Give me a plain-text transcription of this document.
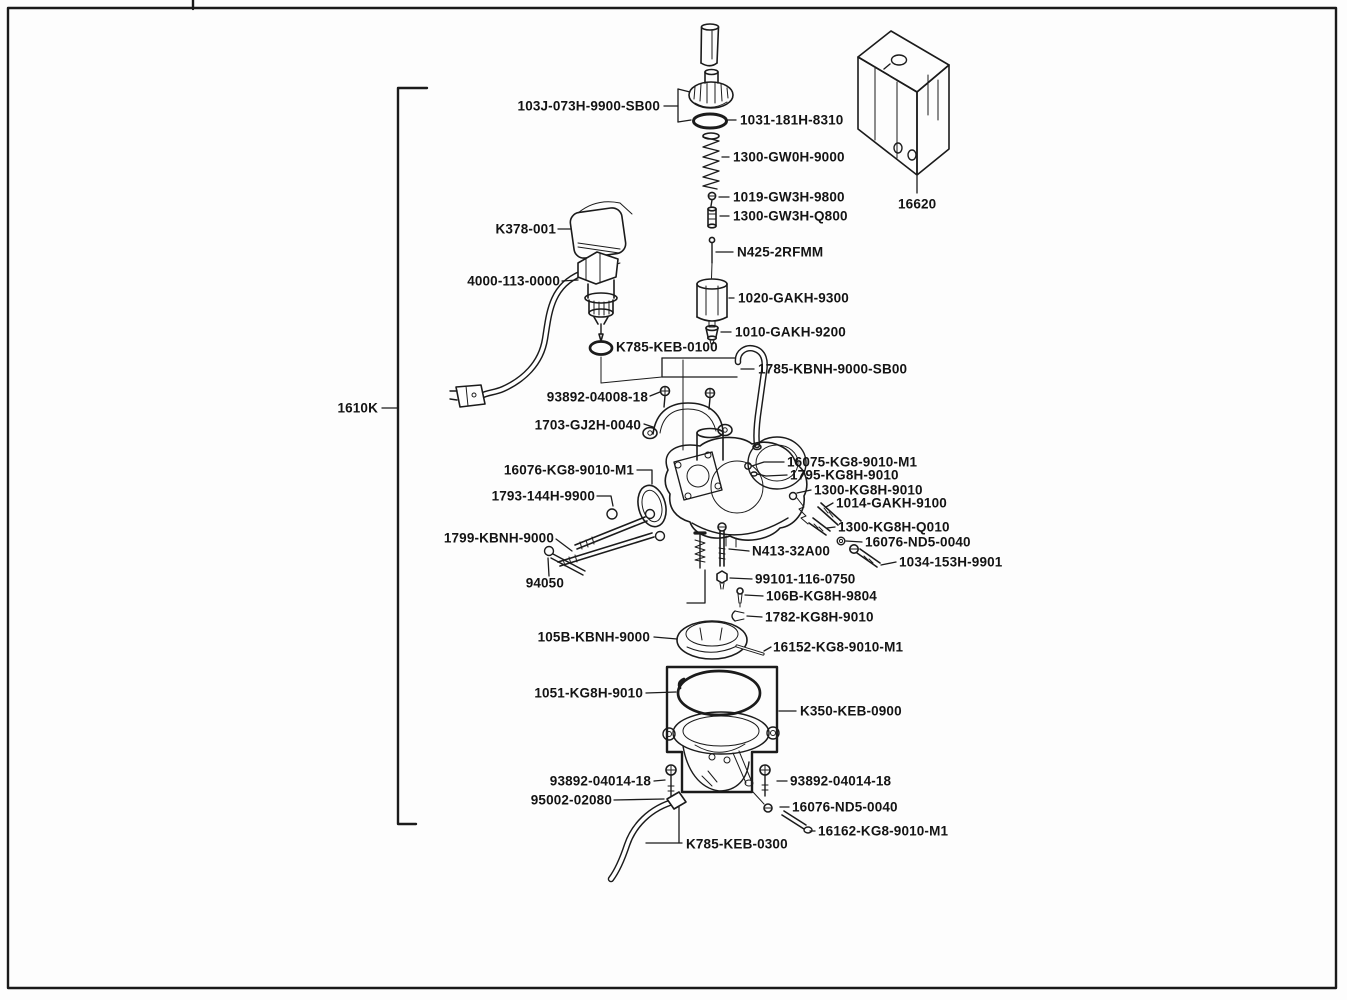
1610K
103J-073H-9900-SB00
1031-181H-8310
1300-GW0H-9000
1019-GW3H-9800
1300-GW3H-Q800
N425-2RFMM
1020-GAKH-9300
1010-GAKH-9200
K378-001
4000-113-0000
K785-KEB-0100
1785-KBNH-9000-SB00
93892-04008-18
1703-GJ2H-0040
16620
16076-KG8-9010-M1
1793-144H-9900
1799-KBNH-9000
94050
16075-KG8-9010-M1
1795-KG8H-9010
1300-KG8H-9010
1014-GAKH-9100
1300-KG8H-Q010
16076-ND5-0040
1034-153H-9901
N413-32A00
99101-116-0750
106B-KG8H-9804
1782-KG8H-9010
105B-KBNH-9000
16152-KG8-9010-M1
1051-KG8H-9010
K350-KEB-0900
93892-04014-18	93892-04014-18
95002-02080	16076-ND5-0040
16162-KG8-9010-M1
K785-KEB-0300
